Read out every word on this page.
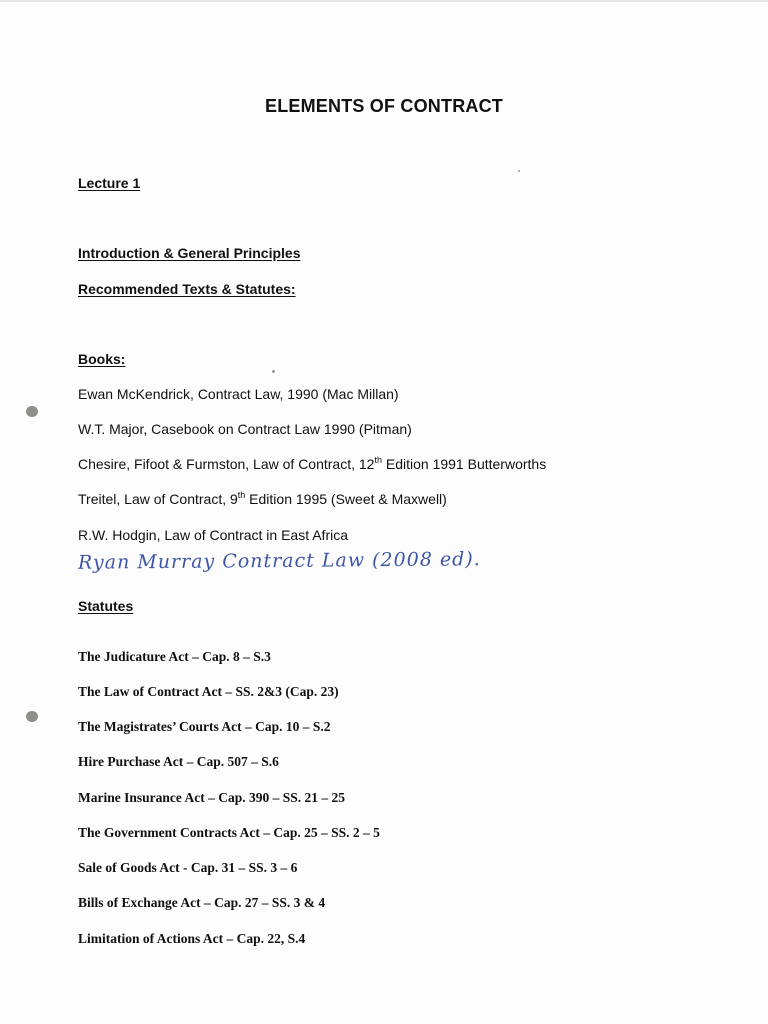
ELEMENTS OF CONTRACT
Lecture 1
Introduction & General Principles
Recommended Texts & Statutes:
Books:
Ewan McKendrick, Contract Law, 1990 (Mac Millan)
W.T. Major, Casebook on Contract Law 1990 (Pitman)
Chesire, Fifoot & Furmston, Law of Contract, 12th Edition 1991 Butterworths
Treitel, Law of Contract, 9th Edition 1995 (Sweet & Maxwell)
R.W. Hodgin, Law of Contract in East Africa
Ryan Murray Contract Law (2008 ed).
Statutes
The Judicature Act – Cap. 8 – S.3
The Law of Contract Act – SS. 2&3 (Cap. 23)
The Magistrates’ Courts Act – Cap. 10 – S.2
Hire Purchase Act – Cap. 507 – S.6
Marine Insurance Act – Cap. 390 – SS. 21 – 25
The Government Contracts Act – Cap. 25 – SS. 2 – 5
Sale of Goods Act - Cap. 31 – SS. 3 – 6
Bills of Exchange Act – Cap. 27 – SS. 3 & 4
Limitation of Actions Act – Cap. 22, S.4
